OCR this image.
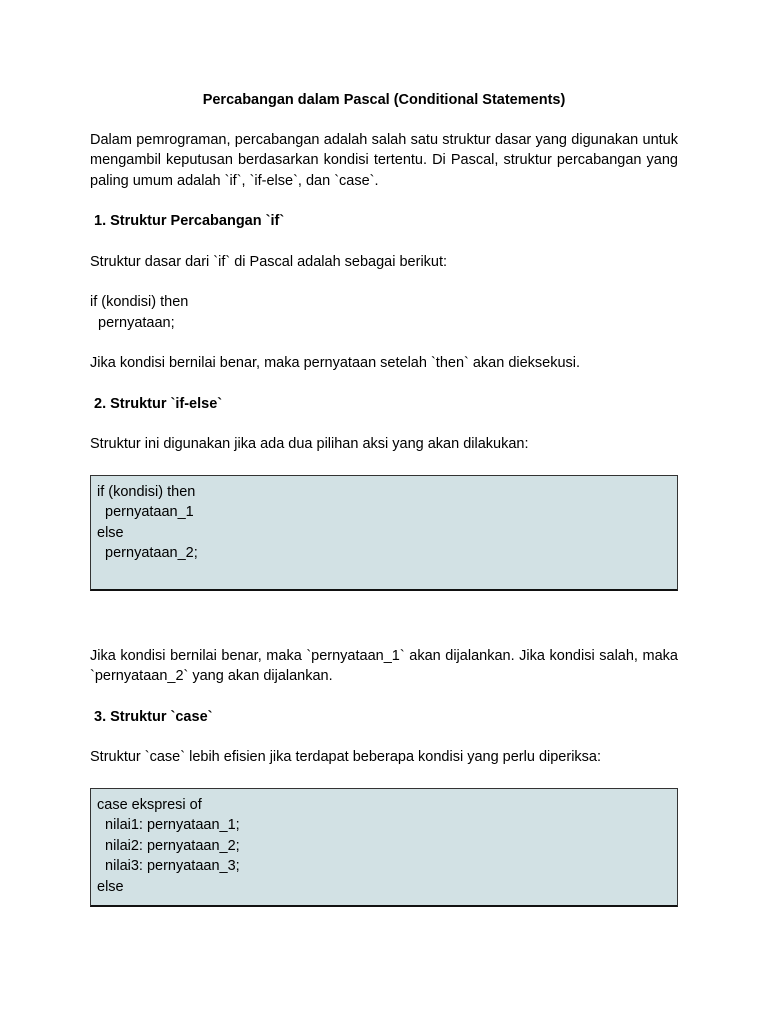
Percabangan dalam Pascal (Conditional Statements)

Dalam pemrograman, percabangan adalah salah satu struktur dasar yang digunakan untuk mengambil keputusan berdasarkan kondisi tertentu. Di Pascal, struktur percabangan yang paling umum adalah `if`, `if-else`, dan `case`.

1. Struktur Percabangan `if`

Struktur dasar dari `if` di Pascal adalah sebagai berikut:

if (kondisi) then
pernyataan;

Jika kondisi bernilai benar, maka pernyataan setelah `then` akan dieksekusi.

2. Struktur `if-else`

Struktur ini digunakan jika ada dua pilihan aksi yang akan dilakukan:

if (kondisi) then
pernyataan_1
else
pernyataan_2;

Jika kondisi bernilai benar, maka `pernyataan_1` akan dijalankan. Jika kondisi salah, maka `pernyataan_2` yang akan dijalankan.

3. Struktur `case`

Struktur `case` lebih efisien jika terdapat beberapa kondisi yang perlu diperiksa:

case ekspresi of
nilai1: pernyataan_1;
nilai2: pernyataan_2;
nilai3: pernyataan_3;
else
